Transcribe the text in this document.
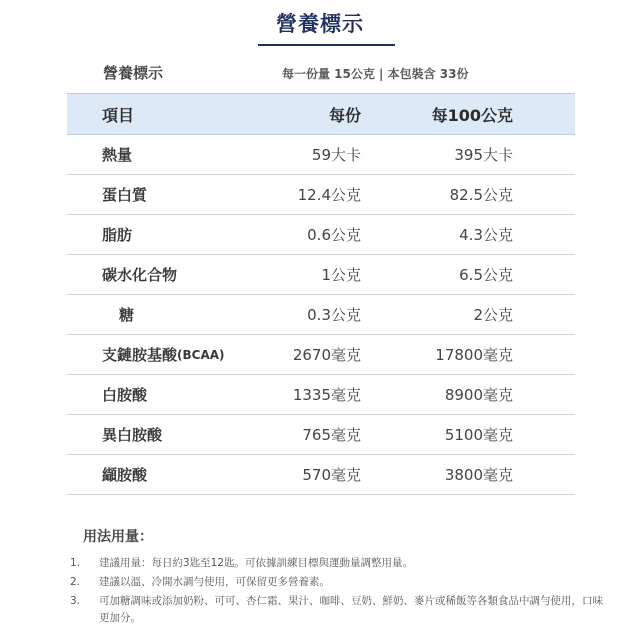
營養標示
營養標示	每一份量 15公克 | 本包裝含 33份
項目	每份	每100公克
熱量	59大卡	395大卡
蛋白質	12.4公克	82.5公克
脂肪	0.6公克	4.3公克
碳水化合物	1公克	6.5公克
糖	0.3公克	2公克
支鏈胺基酸 (BCAA)	2670毫克	17800毫克
白胺酸	1335毫克	8900毫克
異白胺酸	765毫克	5100毫克
纈胺酸	570毫克	3800毫克
用法用量：
1.	建議用量：每日約3匙至12匙。可依據訓練目標與運動量調整用量。
2.	建議以溫、冷開水調勻使用，可保留更多營養素。
3.	可加糖調味或添加奶粉、可可、杏仁霜、果汁、咖啡、豆奶、鮮奶、麥片或稀飯等各類食品中調勻使用，口味更加分。
